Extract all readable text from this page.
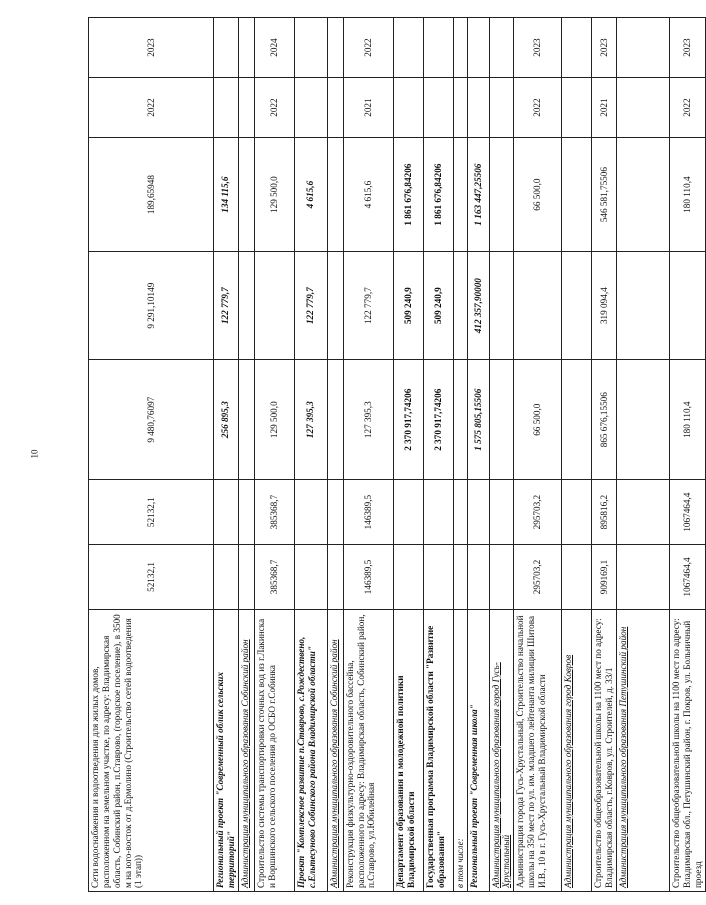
10
Сети водоснабжения и водоотведения для жилых домов, расположенном на земельном участке, по адресу: Владимирская область, Собинский район, п.Ставрово, (городское поселение), в 3500 м на юго-восток от д.Ермолино (Строительство сетей водоотведения (1 этап))	52132,1	52132,1	9 480,76097	9 291,10149	189,65948	2022	2023
Региональный проект "Современный облик сельских территорий"			256 895,3	122 779,7	134 115,6		
Администрация муниципального образования Собинский район							
Строительство системы транспортировки сточных вод из г.Лакинска и Воршинского сельского поселения до ОСБО г.Собинка	385368,7	385368,7	129 500,0		129 500,0	2022	2024
Проект "Комплексное развитие п.Ставрово, с.Рождествено, с.Ельтесуново Собинского района Владимирской области"			127 395,3	122 779,7	4 615,6		
Администрация муниципального образования Собинский район							
Реконструкция физкультурно-оздоровительного бассейна, расположенного по адресу: Владимирская область, Собинский район, п.Ставрово, ул.Юбилейная	146389,5	146389,5	127 395,3	122 779,7	4 615,6	2021	2022
Департамент образования и молодежной политики Владимирской области			2 370 917,74206	509 240,9	1 861 676,84206		
Государственная программа Владимирской области "Развитие образования"			2 370 917,74206	509 240,9	1 861 676,84206		
в том числе:							
Региональный проект "Современная школа"			1 575 805,15506	412 357,90000	1 163 447,25506		
Администрация муниципального образования город Гусь-Хрустальный							
Администрация города Гусь-Хрустальный, Строительство начальной школы на 350 мест по ул. им. младшего лейтенанта милиции Шитова И.В., 10 в г. Гусь-Хрустальный Владимирской области	295703,2	295703,2	66 500,0		66 500,0	2022	2023
Администрация муниципального образования город Ковров							
Строительство общеобразовательной школы на 1100 мест по адресу: Владимирская область, г.Ковров, ул. Строителей, д. 33/1	909169,1	895816,2	865 676,15506	319 094,4	546 581,75506	2021	2023
Администрация муниципального образования Петушинский район							
Строительство общеобразовательной школы на 1100 мест по адресу: Владимирская обл., Петушинский район, г. Покров, ул. Больничный проезд	1067464,4	1067464,4	180 110,4		180 110,4	2022	2023
